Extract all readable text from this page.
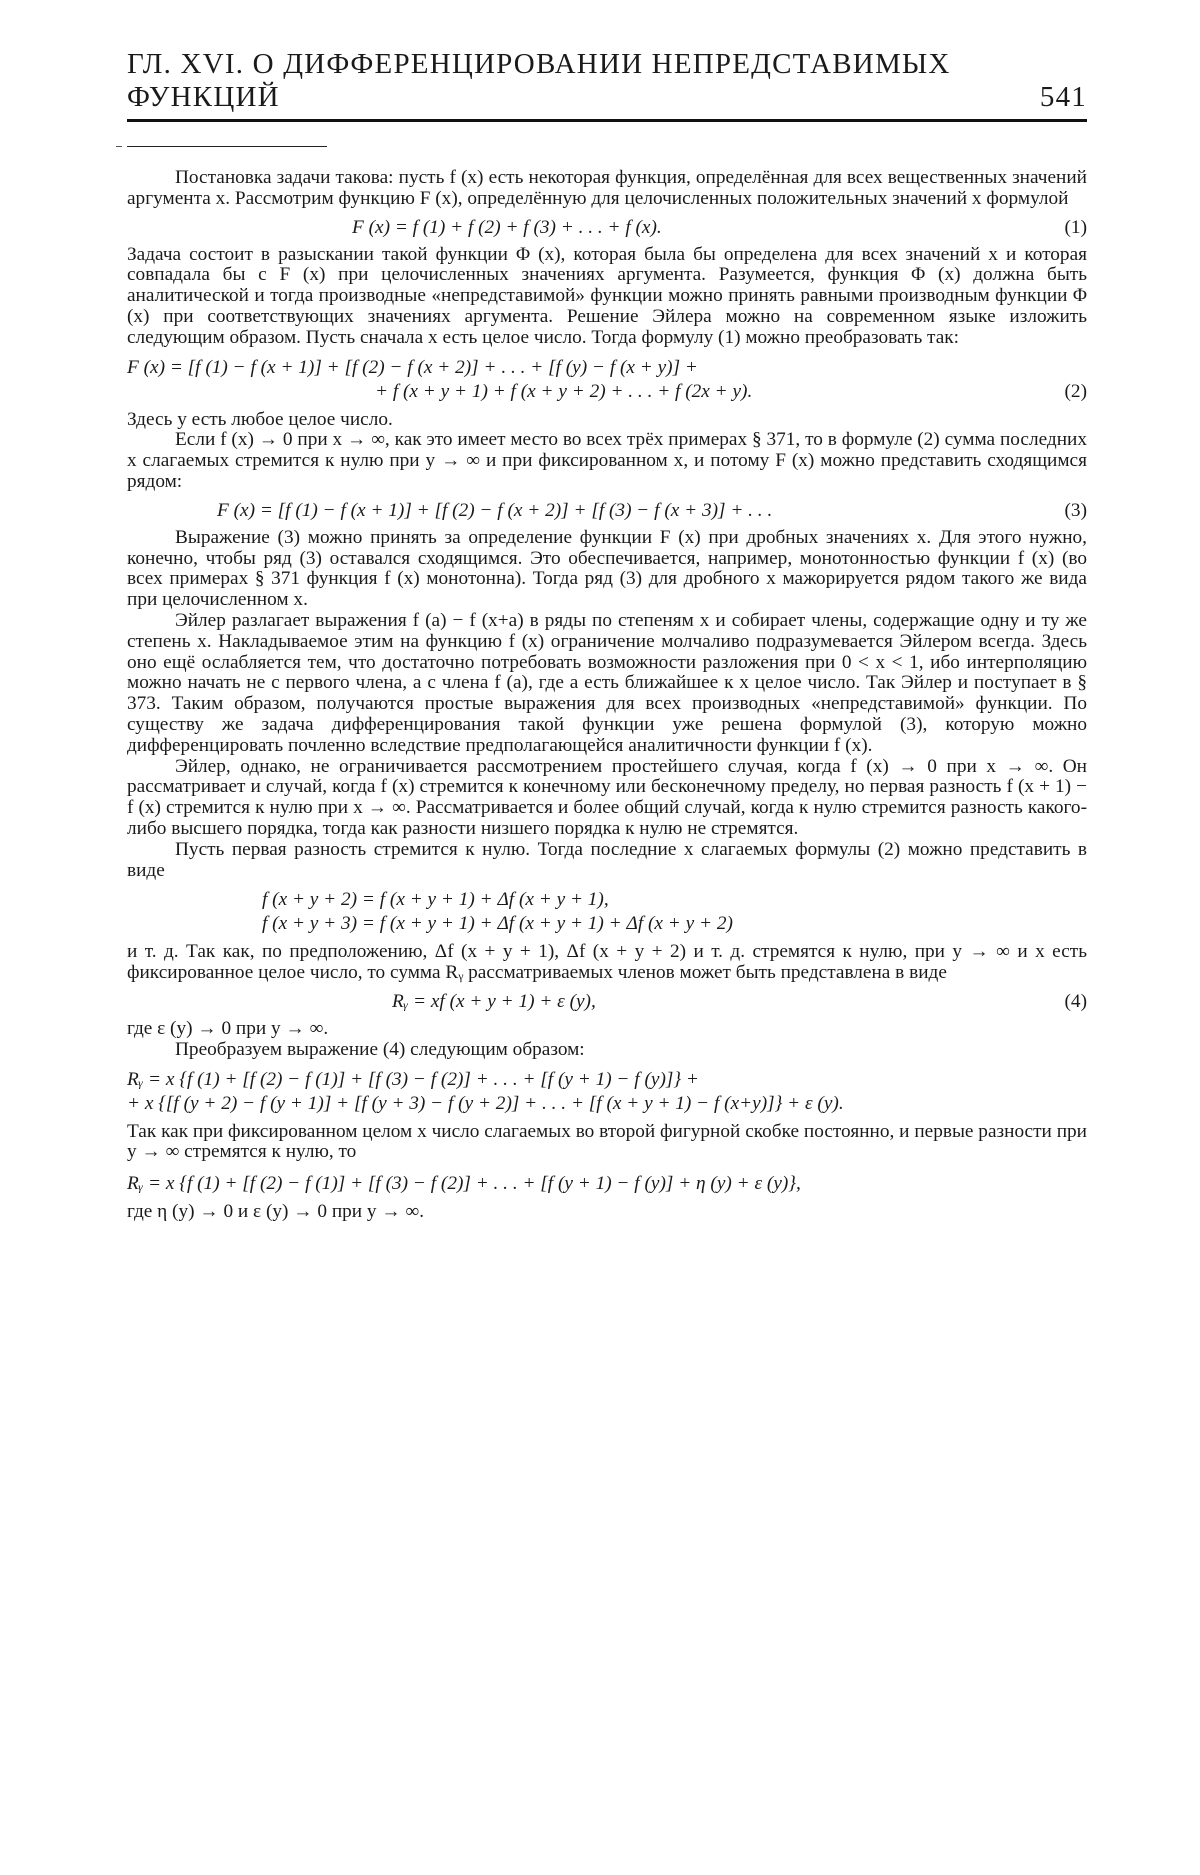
ГЛ. XVI. О ДИФФЕРЕНЦИРОВАНИИ НЕПРЕДСТАВИМЫХ ФУНКЦИЙ	541

Постановка задачи такова: пусть f (x) есть некоторая функция, определённая для всех вещественных значений аргумента x. Рассмотрим функцию F (x), определённую для целочисленных положительных значений x формулой

F (x) = f (1) + f (2) + f (3) + . . . + f (x).	(1)

Задача состоит в разыскании такой функции Φ (x), которая была бы определена для всех значений x и которая совпадала бы с F (x) при целочисленных значениях аргумента. Разумеется, функция Φ (x) должна быть аналитической и тогда производные «непредставимой» функции можно принять равными производным функции Φ (x) при соответствующих значениях аргумента. Решение Эйлера можно на современном языке изложить следующим образом. Пусть сначала x есть целое число. Тогда формулу (1) можно преобразовать так:

F (x) = [f (1) − f (x + 1)] + [f (2) − f (x + 2)] + . . . + [f (y) − f (x + y)] +
+ f (x + y + 1) + f (x + y + 2) + . . . + f (2x + y).	(2)

Здесь y есть любое целое число.

Если f (x) → 0 при x → ∞, как это имеет место во всех трёх примерах § 371, то в формуле (2) сумма последних x слагаемых стремится к нулю при y → ∞ и при фиксированном x, и потому F (x) можно представить сходящимся рядом:

F (x) = [f (1) − f (x + 1)] + [f (2) − f (x + 2)] + [f (3) − f (x + 3)] + . . .	(3)

Выражение (3) можно принять за определение функции F (x) при дробных значениях x. Для этого нужно, конечно, чтобы ряд (3) оставался сходящимся. Это обеспечивается, например, монотонностью функции f (x) (во всех примерах § 371 функция f (x) монотонна). Тогда ряд (3) для дробного x мажорируется рядом такого же вида при целочисленном x.

Эйлер разлагает выражения f (a) − f (x+a) в ряды по степеням x и собирает члены, содержащие одну и ту же степень x. Накладываемое этим на функцию f (x) ограничение молчаливо подразумевается Эйлером всегда. Здесь оно ещё ослабляется тем, что достаточно потребовать возможности разложения при 0 < x < 1, ибо интерполяцию можно начать не с первого члена, а с члена f (a), где a есть ближайшее к x целое число. Так Эйлер и поступает в § 373. Таким образом, получаются простые выражения для всех производных «непредставимой» функции. По существу же задача дифференцирования такой функции уже решена формулой (3), которую можно дифференцировать почленно вследствие предполагающейся аналитичности функции f (x).

Эйлер, однако, не ограничивается рассмотрением простейшего случая, когда f (x) → 0 при x → ∞. Он рассматривает и случай, когда f (x) стремится к конечному или бесконечному пределу, но первая разность f (x + 1) − f (x) стремится к нулю при x → ∞. Рассматривается и более общий случай, когда к нулю стремится разность какого-либо высшего порядка, тогда как разности низшего порядка к нулю не стремятся.

Пусть первая разность стремится к нулю. Тогда последние x слагаемых формулы (2) можно представить в виде

f (x + y + 2) = f (x + y + 1) + Δf (x + y + 1),
f (x + y + 3) = f (x + y + 1) + Δf (x + y + 1) + Δf (x + y + 2)

и т. д. Так как, по предположению, Δf (x + y + 1), Δf (x + y + 2) и т. д. стремятся к нулю, при y → ∞ и x есть фиксированное целое число, то сумма Rᵧ рассматриваемых членов может быть представлена в виде

Rᵧ = xf (x + y + 1) + ε (y),	(4)

где ε (y) → 0 при y → ∞.

Преобразуем выражение (4) следующим образом:

Rᵧ = x {f (1) + [f (2) − f (1)] + [f (3) − f (2)] + . . . + [f (y + 1) − f (y)]} +
+ x {[f (y + 2) − f (y + 1)] + [f (y + 3) − f (y + 2)] + . . . + [f (x + y + 1) − f (x+y)]} + ε (y).

Так как при фиксированном целом x число слагаемых во второй фигурной скобке постоянно, и первые разности при y → ∞ стремятся к нулю, то

Rᵧ = x {f (1) + [f (2) − f (1)] + [f (3) − f (2)] + . . . + [f (y + 1) − f (y)] + η (y) + ε (y)},

где η (y) → 0 и ε (y) → 0 при y → ∞.
